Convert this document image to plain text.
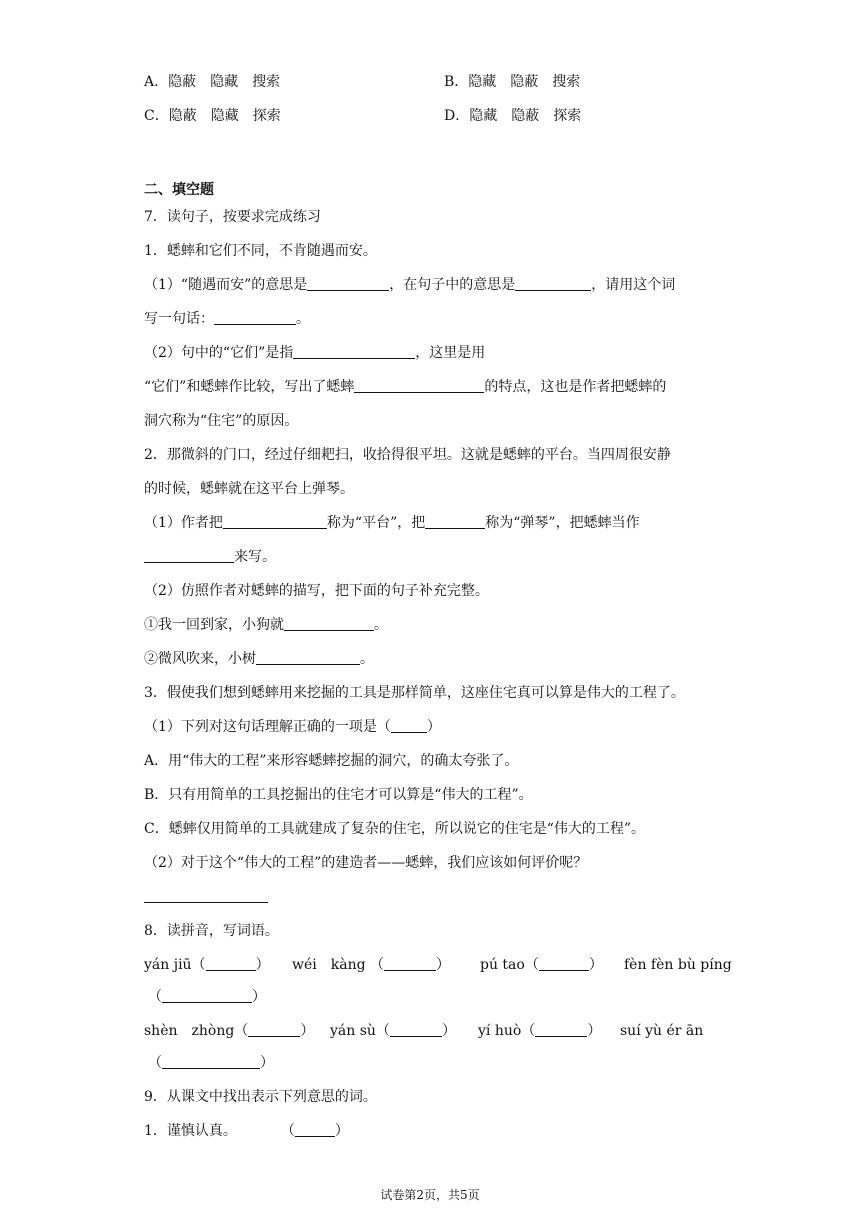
A．隐蔽　隐藏　搜索	B．隐藏　隐蔽　搜索
C．隐蔽　隐藏　探索	D．隐藏　隐蔽　探索
二、填空题
7．读句子，按要求完成练习
1．蟋蟀和它们不同，不肯随遇而安。
（1）“随遇而安”的意思是	，在句子中的意思是	，请用这个词
写一句话：	。
（2）句中的“它们”是指	，这里是用
“它们”和蟋蟀作比较，写出了蟋蟀	的特点，这也是作者把蟋蟀的
洞穴称为“住宅”的原因。
2．那微斜的门口，经过仔细耙扫，收拾得很平坦。这就是蟋蟀的平台。当四周很安静
的时候，蟋蟀就在这平台上弹琴。
（1）作者把	称为“平台”，把	称为“弹琴”，把蟋蟀当作
来写。
（2）仿照作者对蟋蟀的描写，把下面的句子补充完整。
①我一回到家，小狗就	。
②微风吹来，小树	。
3．假使我们想到蟋蟀用来挖掘的工具是那样简单，这座住宅真可以算是伟大的工程了。
（1）下列对这句话理解正确的一项是（	）
A．用“伟大的工程”来形容蟋蟀挖掘的洞穴，的确太夸张了。
B．只有用简单的工具挖掘出的住宅才可以算是“伟大的工程”。
C．蟋蟀仅用简单的工具就建成了复杂的住宅，所以说它的住宅是“伟大的工程”。
（2）对于这个“伟大的工程”的建造者——蟋蟀，我们应该如何评价呢？
8．读拼音，写词语。
yán jiū（	） wéi　kàng （	） pú tao（	） fèn fèn bù píng
（	）
shèn　zhòng（	） yán sù（	） yí huò（	） suí yù ér ān
（	）
9．从课文中找出表示下列意思的词。
1．谨慎认真。	（	）
试卷第2页，共5页
